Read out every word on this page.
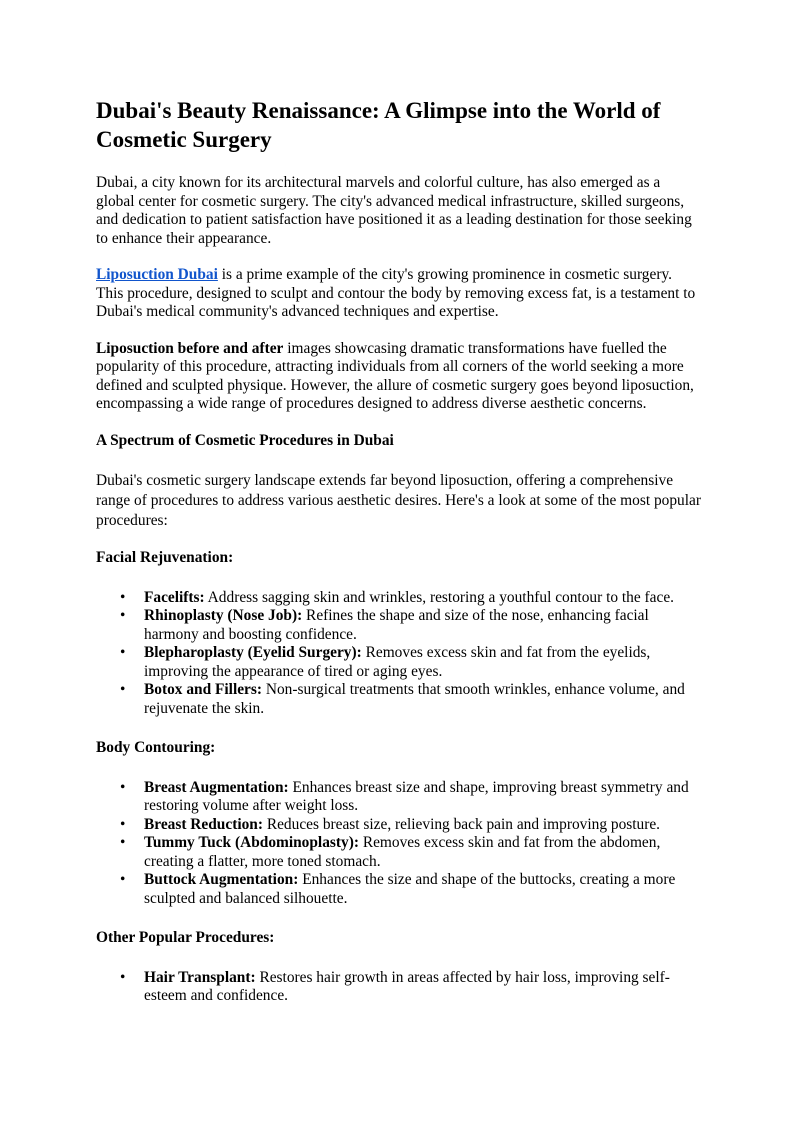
Dubai's Beauty Renaissance: A Glimpse into the World of Cosmetic Surgery

Dubai, a city known for its architectural marvels and colorful culture, has also emerged as a global center for cosmetic surgery. The city's advanced medical infrastructure, skilled surgeons, and dedication to patient satisfaction have positioned it as a leading destination for those seeking to enhance their appearance.

Liposuction Dubai is a prime example of the city's growing prominence in cosmetic surgery. This procedure, designed to sculpt and contour the body by removing excess fat, is a testament to Dubai's medical community's advanced techniques and expertise.

Liposuction before and after images showcasing dramatic transformations have fuelled the popularity of this procedure, attracting individuals from all corners of the world seeking a more defined and sculpted physique. However, the allure of cosmetic surgery goes beyond liposuction, encompassing a wide range of procedures designed to address diverse aesthetic concerns.

A Spectrum of Cosmetic Procedures in Dubai

Dubai's cosmetic surgery landscape extends far beyond liposuction, offering a comprehensive range of procedures to address various aesthetic desires. Here's a look at some of the most popular procedures:

Facial Rejuvenation:
• Facelifts: Address sagging skin and wrinkles, restoring a youthful contour to the face.
• Rhinoplasty (Nose Job): Refines the shape and size of the nose, enhancing facial harmony and boosting confidence.
• Blepharoplasty (Eyelid Surgery): Removes excess skin and fat from the eyelids, improving the appearance of tired or aging eyes.
• Botox and Fillers: Non-surgical treatments that smooth wrinkles, enhance volume, and rejuvenate the skin.
Body Contouring:
• Breast Augmentation: Enhances breast size and shape, improving breast symmetry and restoring volume after weight loss.
• Breast Reduction: Reduces breast size, relieving back pain and improving posture.
• Tummy Tuck (Abdominoplasty): Removes excess skin and fat from the abdomen, creating a flatter, more toned stomach.
• Buttock Augmentation: Enhances the size and shape of the buttocks, creating a more sculpted and balanced silhouette.
Other Popular Procedures:
• Hair Transplant: Restores hair growth in areas affected by hair loss, improving self-esteem and confidence.
